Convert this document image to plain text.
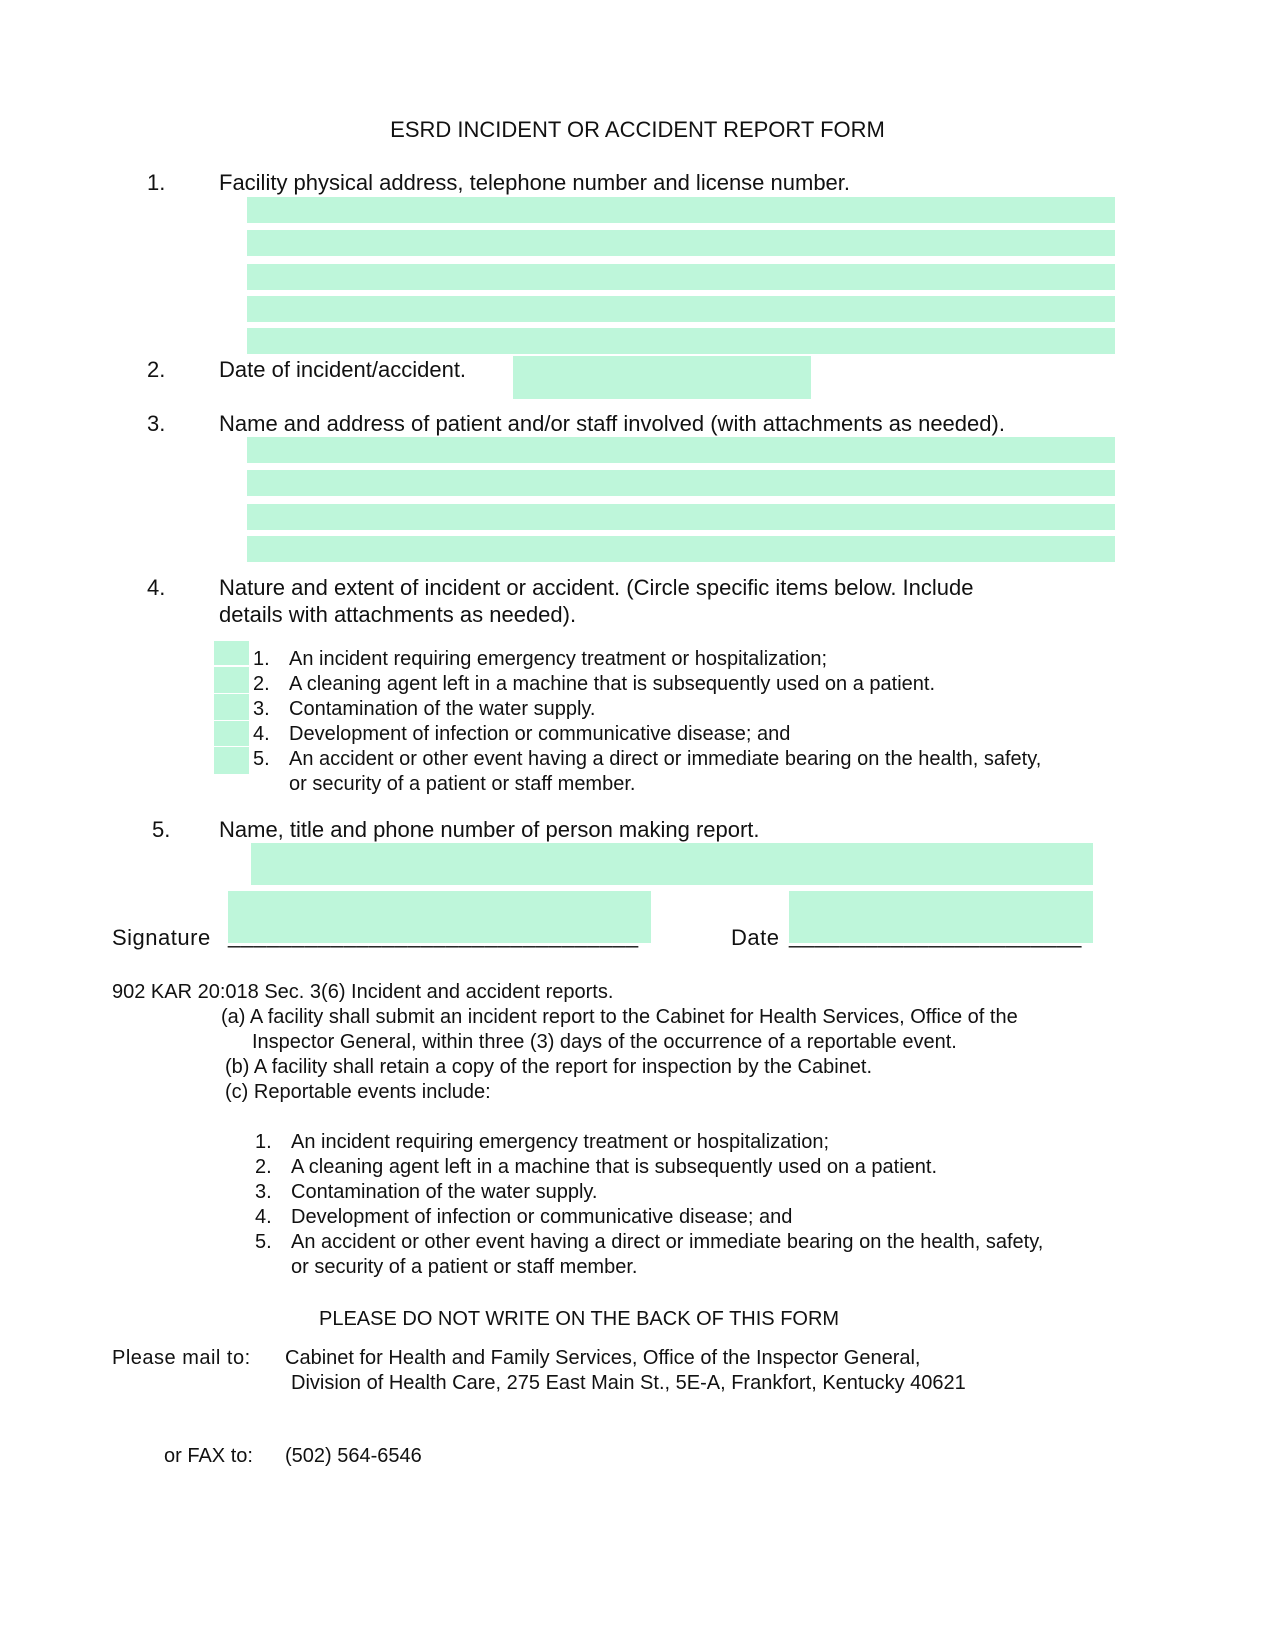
ESRD INCIDENT OR ACCIDENT REPORT FORM
1. Facility physical address, telephone number and license number.
2. Date of incident/accident.
3. Name and address of patient and/or staff involved (with attachments as needed).
4. Nature and extent of incident or accident. (Circle specific items below. Include
details with attachments as needed).
1. An incident requiring emergency treatment or hospitalization;
2. A cleaning agent left in a machine that is subsequently used on a patient.
3. Contamination of the water supply.
4. Development of infection or communicative disease; and
5. An accident or other event having a direct or immediate bearing on the health, safety,
or security of a patient or staff member.
5. Name, title and phone number of person making report.
Signature ________________________________	Date _______________________
902 KAR 20:018 Sec. 3(6) Incident and accident reports.
(a) A facility shall submit an incident report to the Cabinet for Health Services, Office of the
Inspector General, within three (3) days of the occurrence of a reportable event.
(b) A facility shall retain a copy of the report for inspection by the Cabinet.
(c) Reportable events include:
1. An incident requiring emergency treatment or hospitalization;
2. A cleaning agent left in a machine that is subsequently used on a patient.
3. Contamination of the water supply.
4. Development of infection or communicative disease; and
5. An accident or other event having a direct or immediate bearing on the health, safety,
or security of a patient or staff member.
PLEASE DO NOT WRITE ON THE BACK OF THIS FORM
Please mail to: Cabinet for Health and Family Services, Office of the Inspector General,
Division of Health Care, 275 East Main St., 5E-A, Frankfort, Kentucky 40621
or FAX to: (502) 564-6546
